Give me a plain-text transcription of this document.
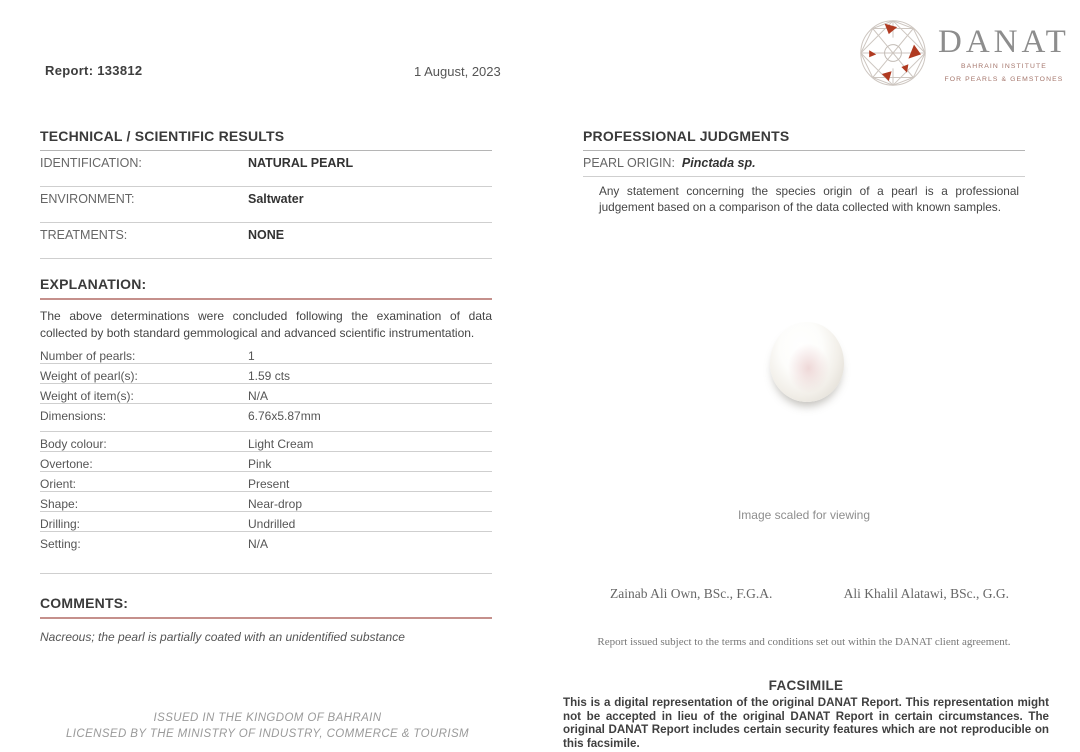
Report: 133812	1 August, 2023
DANAT
BAHRAIN INSTITUTE
FOR PEARLS & GEMSTONES
TECHNICAL / SCIENTIFIC RESULTS
IDENTIFICATION:	NATURAL PEARL
ENVIRONMENT:	Saltwater
TREATMENTS:	NONE
EXPLANATION:

The above determinations were concluded following the examination of data collected by both standard gemmological and advanced scientific instrumentation.

Number of pearls:	1
Weight of pearl(s):	1.59 cts
Weight of item(s):	N/A
Dimensions:	6.76x5.87mm
Body colour:	Light Cream
Overtone:	Pink
Orient:	Present
Shape:	Near-drop
Drilling:	Undrilled
Setting:	N/A
COMMENTS:

Nacreous; the pearl is partially coated with an unidentified substance

PROFESSIONAL JUDGMENTS
PEARL ORIGIN: Pinctada sp.

Any statement concerning the species origin of a pearl is a professional judgement based on a comparison of the data collected with known samples.

Image scaled for viewing
Zainab Ali Own, BSc., F.G.A.	Ali Khalil Alatawi, BSc., G.G.
Report issued subject to the terms and conditions set out within the DANAT client agreement.
FACSIMILE

This is a digital representation of the original DANAT Report. This representation might not be accepted in lieu of the original DANAT Report in certain circumstances. The original DANAT Report includes certain security features which are not reproducible on this facsimile.

ISSUED IN THE KINGDOM OF BAHRAIN
LICENSED BY THE MINISTRY OF INDUSTRY, COMMERCE & TOURISM
